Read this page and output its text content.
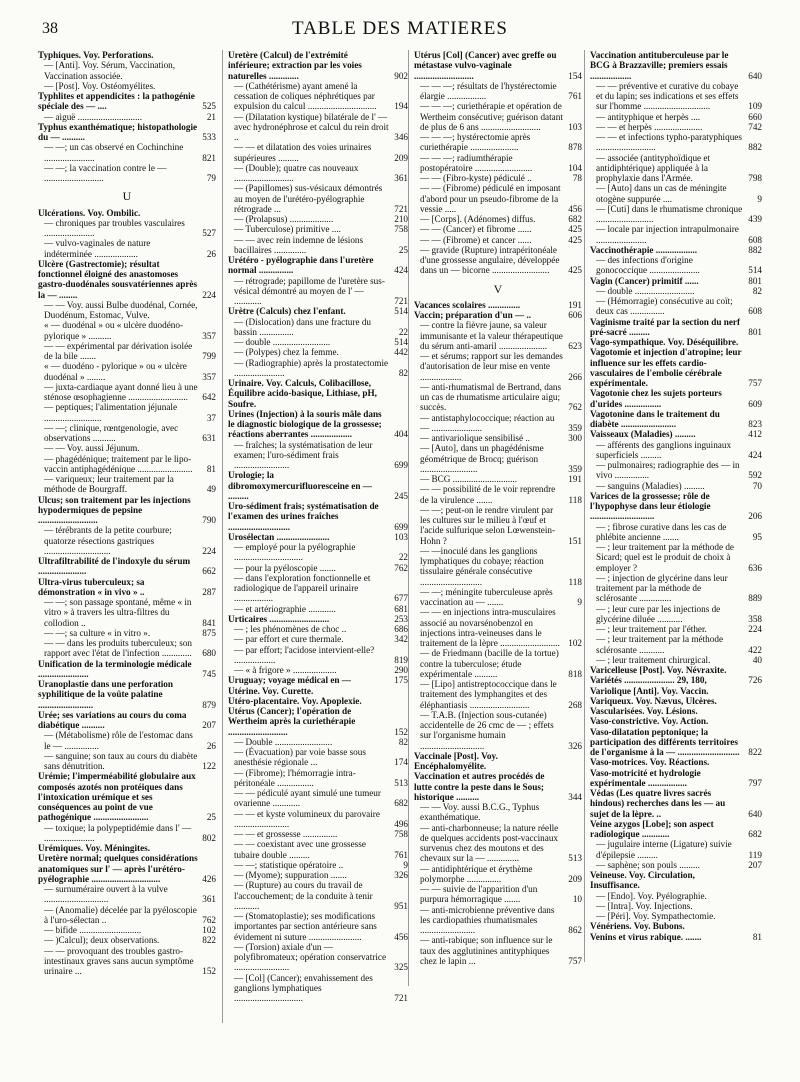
38	TABLE DES MATIERES
Typhiques. Voy. Perforations.
— [Anti]. Voy. Sérum, Vaccination, Vaccination associée.
— [Post]. Voy. Ostéomyélites.
Typhlites et appendicites : la pathogénie spéciale des — ....	525
— aiguë ............................	21
Typhus exanthématique; histopathologie du — ..........	533
— —; un cas observé en Cochinchine ......................	821
— —; la vaccination contre le — ..........................	79
U
Ulcérations. Voy. Ombilic.
— chroniques par troubles vasculaires ......................	527
— vulvo-vaginales de nature indéterminée ...................	26
Ulcère (Gastrectomie); résultat fonctionnel éloigné des anastomoses gastro-duodénales sousvatériennes après la — ........	224
— — Voy. aussi Bulbe duodénal, Cornée, Duodénum, Estomac, Vulve.
« — duodénal » ou « ulcère duodéno-pylorique » ..........	357
— — expérimental par dérivation isolée de la bile .......	799
« — duodéno - pylorique » ou « ulcère duodénal » ........	357
— juxta-cardiaque ayant donné lieu à une sténose œsophagienne ..........................	642
— peptiques; l'alimentation jéjunale .........................	37
— —; clinique, rœntgenologie, avec observations ..........	631
— — Voy. aussi Jéjunum.
— phagédénique; traitement par le lipo-vaccin antiphagédénique ........................	81
— variqueux; leur traitement par la méthode de Bourgraff.	49
Ulcus; son traitement par les injections hypodermiques de pepsine ..........................	790
— térébrants de la petite courbure; quatorze résections gastriques .............................	224
Ultrafiltrabilité de l'indoxyle du sérum .....................	662
Ultra-virus tuberculeux; sa démonstration « in vivo » ..	287
— —; son passage spontané, même « in vitro » à travers les ultra-filtres du collodion ..	841
— —; sa culture « in vitro ».	875
— — dans les produits tuberculeux; son rapport avec l'état de l'infection .............	680
Unification de la terminologie médicale ......................	745
Uranoplastie dans une perforation syphilitique de la voûte palatine ........................	879
Urée; ses variations au cours du coma diabétique ..........	207
— (Métabolisme) rôle de l'estomac dans le — ...............	26
— sanguine; son taux au cours du diabète sans dénutrition.	122
Urémie; l'imperméabilité globulaire aux composés azotés non protéiques dans l'intoxication urémique et ses conséquences au point de vue pathogénique ........................	25
— toxique; la polypeptidémie dans l' — ......................	802
Urémiques. Voy. Méningites.
Uretère normal; quelques considérations anatomiques sur l' — après l'urétéro-pyélographie ..............................	426
— surnuméraire ouvert à la vulve ............................	361
— (Anomalie) décelée par la pyéloscopie à l'uro-sélectan ..	762
— bifide ...........................	102
— )Calcul); deux observations.	822
— — provoquant des troubles gastro-intestinaux graves sans aucun symptôme urinaire ...	152
Uretère (Calcul) de l'extrémité inférieure; extraction par les voies naturelles .............	902
— (Cathétérisme) ayant amené la cessation de coliques néphrétiques par expulsion du calcul ..............................	194
— (Dilatation kystique) bilatérale de l' — avec hydronéphrose et calcul du rein droit ..	346
— — et dilatation des voies urinaires supérieures .........	209
— (Double); quatre cas nouveaux ..........................	361
— (Papillomes) sus-vésicaux démontrés au moyen de l'urétéro-pyélographie rétrograde ...	721
— (Prolapsus) ...................	210
— Tuberculose) primitive ....	758
— — avec rein indemne de lésions bacillaires ..............	25
Urétéro - pyélographie dans l'uretère normal ...............	424
— rétrograde; papillome de l'uretère sus-vésical démontré au moyen de l' — ............	721
Urètre (Calculs) chez l'enfant.	514
— (Dislocation) dans une fracture du bassin ...............	22
— double .........................	514
— (Polypes) chez la femme.	442
— (Radiographie) après la prostatectomie ......................	82
Urinaire. Voy. Calculs, Colibacillose, Équilibre acido-basique, Lithiase, pH, Soufre.
Urines (Injection) à la souris mâle dans le diagnostic biologique de la grossesse; réactions aberrantes ..................	404
— fraîches; la systématisation de leur examen; l'uro-sédiment frais ........................	699
Urologie; la dibromoxymercurifluoresceine en — .........	245
Uro-sédiment frais; systématisation de l'examen des urines fraîches ...........................	699
Urosélectan .......................	103
— employé pour la pyélographie ..............................	22
— pour la pyéloscopie .......	762
— dans l'exploration fonctionnelle et radiologique de l'appareil urinaire .................	677
— et artériographie ............	681
Urticaires ..........................	253
— ; les phénomènes de choc ..	686
— par effort et cure thermale.	342
— par effort; l'acidose intervient-elle? ..................	819
— « à frigore » ...................	290
Uruguay; voyage médical en —	175
Utérine. Voy. Curette.
Utéro-placentaire. Voy. Apoplexie.
Utérus (Cancer); l'opération de Wertheim après la curiethérapie ..........................	152
— Double .........................	82
— (Évacuation) par voie basse sous anesthésie régionale ...	174
— (Fibrome); l'hémorragie intra-péritonéale ................	513
— — pédiculé ayant simulé une tumeur ovarienne ............	682
— — et kyste volumineux du parovaire ........................	496
— — et grossesse ...............	758
— — coexistant avec une grossesse tubaire double .........	761
— —; statistique opératoire ..	9
— (Myome); suppuration .......	326
— (Rupture) au cours du travail de l'accouchement; de la conduite à tenir ...........	951
— (Stomatoplastie); ses modifications importantes par section antérieure sans évidement ni suture .......................	456
— (Torsion) axiale d'un — polyfibromateux; opération conservatrice ........................	325
— [Col] (Cancer); envahissement des ganglions lymphatiques ..............................	721
Utérus [Col] (Cancer) avec greffe ou métastase vulvo-vaginale ..........................	154
— — —; résultats de l'hystérectomie élargie .................	761
— — —; curiethérapie et opération de Wertheim consécutive; guérison datant de plus de 6 ans ..........................	103
— — —; hystérectomie après curiethérapie .....................	878
— — —; radiumthérapie postopératoire .........................	104
— — (Fibro-kyste) pédiculé ..	78
— — (Fibrome) pédiculé en imposant d'abord pour un pseudo-fibrome de la vessie .....	456
— [Corps]. (Adénomes) diffus.	682
— — (Cancer) et fibrome ......	425
— — (Fibrome) et cancer ......	425
— gravide (Rupture) intrapéritonéale d'une grossesse angulaire, développée dans un — bicorne .........................	425
V
Vacances scolaires ..............	191
Vaccin; préparation d'un — ..	606
— contre la fièvre jaune, sa valeur immunisante et la valeur thérapeutique du sérum anti-amaril .....................	623
— et sérums; rapport sur les demandes d'autorisation de leur mise en vente ..................	266
— anti-rhumatismal de Bertrand, dans un cas de rhumatisme articulaire aigu; succès.	762
— antistaphylococcique; réaction au — ......................	359
— antivariolique sensibilisé ..	300
— [Auto], dans un phagédénisme géométrique de Brocq; guérison .........................	359
— BCG ............................	191
— — possibilité de le voir reprendre de la virulence .......	118
— —; peut-on le rendre virulent par les cultures sur le milieu à l'œuf et l'acide sulfurique selon Lœwenstein-Hohn ?	151
— —inoculé dans les ganglions lymphatiques du cobaye; réaction tissulaire générale consécutive ...........................	118
— —; méningite tuberculeuse après vaccination au — .......	9
— — en injections intra-musculaires associé au novarsénobenzol en injections intra-veineuses dans le traitement de la lèpre .......................... 102
— de Friedmann (bacille de la tortue) contre la tuberculose; étude expérimentale ..........	818
— [Lipo] antistreptococcique dans le traitement des lymphangites et des éléphantiasis ..........................	268
— T.A.B. (Injection sous-cutanée) accidentelle de 26 cmc de — ; effets sur l'organisme humain ............................	326
Vaccinale [Post]. Voy. Encéphalomyélite.
Vaccination et autres procédés de lutte contre la peste dans le Sous; historique ..........	344
— — Voy. aussi B.C.G., Typhus exanthématique.
— anti-charbonneuse; la nature réelle de quelques accidents post-vaccinaux survenus chez des moutons et des chevaux sur la — ..............	513
— antidiphtérique et érythème polymorphe ...............	209
— — suivie de l'apparition d'un purpura hémorragique .......	10
— anti-microbienne préventive dans les cardiopathies rhumatismales ........................	862
— anti-rabique; son influence sur le taux des agglutinines antityphiques chez le lapin ...	757
Vaccination antituberculeuse par le BCG à Brazzaville; premiers essais ..................	640
— — préventive et curative du cobaye et du lapin; ses indications et ses effets sur l'homme .............................	109
— antityphique et herpès ....	660
— — et herpès .....................	742
— — et infections typho-paratyphiques ..........................	882
— associée (antityphoïdique et antidiphtérique) appliquée à la prophylaxie dans l'Armée.	798
— [Auto] dans un cas de méningite otogène suppurée ....	9
— [Cuti] dans le rhumatisme chronique .........................	439
— locale par injection intrapulmonaire ......................	608
Vaccinothérapie ..................	882
— des infections d'origine gonococcique ......................	514
Vagin (Cancer) primitif ......	801
— double ..........................	82
— (Hémorragie) consécutive au coït; deux cas ...............	608
Vaginisme traité par la section du nerf pré-sacré .........	801
Vago-sympathique. Voy. Déséquilibre.
Vagotomie et injection d'atropine; leur influence sur les effets cardio-vasculaires de l'embolie cérébrale expérimentale.	757
Vagotonie chez les sujets porteurs d'urides ................	609
Vagotonine dans le traitement du diabète ........................	823
Vaisseaux (Maladies) .........	412
— afférents des ganglions inguinaux superficiels .........	424
— pulmonaires; radiographie des — in vivo ...............	592
— sanguins (Maladies) .........	70
Varices de la grossesse; rôle de l'hypophyse dans leur étiologie ............................	206
— ; fibrose curative dans les cas de phlébite ancienne .......	95
— ; leur traitement par la méthode de Sicard; quel est le produit de choix à employer ?	636
— ; injection de glycérine dans leur traitement par la méthode de sclérosante ..............	889
— ; leur cure par les injections de glycérine diluée ...........	358
— ; leur traitement par l'éther.	224
— ; leur traitement par la méthode sclérosante ...........	422
— ; leur traitement chirurgical.	40
Varicelleuse [Post]. Voy. Névraxite.
Variétés ...................... 29, 180,	726
Variolique [Anti]. Voy. Vaccin.
Variqueux. Voy. Nævus, Ulcères.
Vascularisées. Voy. Lésions.
Vaso-constrictive. Voy. Action.
Vaso-dilatation peptonique; la participation des différents territoires de l'organisme à la — ........................... 822
Vaso-motrices. Voy. Réactions.
Vaso-motricité et hydrologie expérimentale .................	797
Védas (Les quatre livres sacrés hindous) recherches dans les — au sujet de la lèpre. ..	640
Veine azygos [Lobe]; son aspect radiologique ............	682
— jugulaire interne (Ligature) suivie d'épilepsie .........	119
— saphène; son pouls .........	207
Veineuse. Voy. Circulation, Insuffisance.
— [Endo]. Voy. Pyélographie.
— [Intra]. Voy. Injections.
— [Péri]. Voy. Sympathectomie.
Vénériens. Voy. Bubons.
Venins et virus rabique. .......	81
